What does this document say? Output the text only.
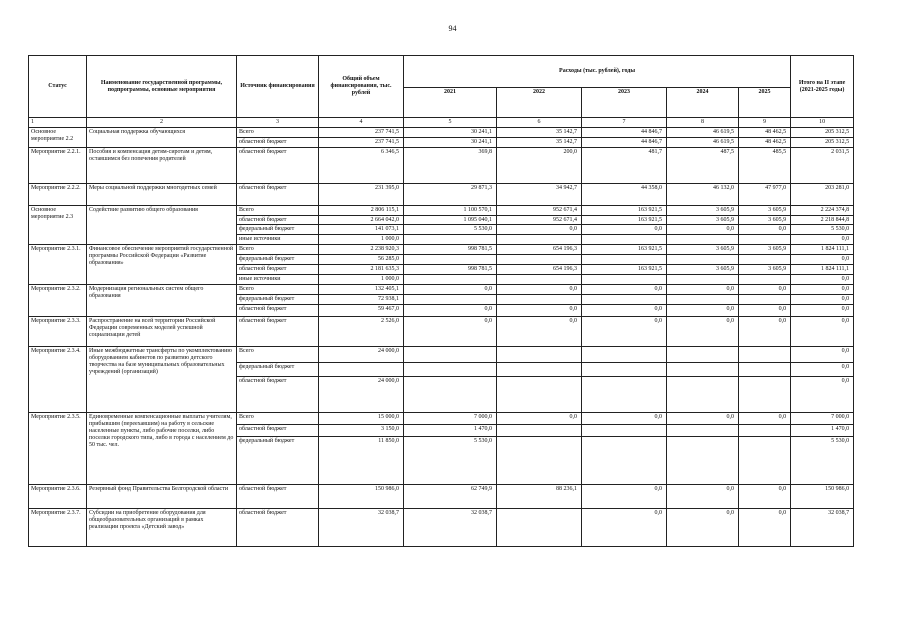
94
Статус	Наименование государственной программы, подпрограммы, основные мероприятия	Источник финансирования	Общий объем финансирования, тыс. рублей	Расходы (тыс. рублей), годы					Итого на II этапе (2021-2025 годы)
				2021	2022	2023	2024	2025	
1	2	3	4	5	6	7	8	9	10
Основное мероприятие 2.2	Социальная поддержка обучающихся	Всего	237 741,5	30 241,1	35 142,7	44 846,7	46 619,5	48 462,5	205 312,5
		областной бюджет	237 741,5	30 241,1	35 142,7	44 846,7	46 619,5	48 462,5	205 312,5
Мероприятие 2.2.1.	Пособия и компенсация детям-сиротам и детям, оставшимся без попечения родителей	областной бюджет	6 346,5	369,8	200,0	481,7	487,5	485,5	2 031,5
Мероприятие 2.2.2.	Меры социальной поддержки многодетных семей	областной бюджет	231 395,0	29 871,3	34 942,7	44 358,0	46 132,0	47 977,0	203 281,0
Основное мероприятие 2.3	Содействие развитию общего образования	Всего	2 806 115,1	1 100 570,1	952 671,4	163 921,5	3 605,9	3 605,9	2 224 374,8
		областной бюджет	2 664 042,0	1 095 040,1	952 671,4	163 921,5	3 605,9	3 605,9	2 218 844,8
		федеральный бюджет	141 073,1	5 530,0	0,0	0,0	0,0	0,0	5 530,0
		иные источники	1 000,0						0,0
Мероприятие 2.3.1.	Финансовое обеспечение мероприятий государственной программы Российской Федерации «Развитие образования»	Всего	2 238 920,3	998 781,5	654 196,3	163 921,5	3 605,9	3 605,9	1 824 111,1
		федеральный бюджет	56 285,0						0,0
		областной бюджет	2 181 635,3	998 781,5	654 196,3	163 921,5	3 605,9	3 605,9	1 824 111,1
		иные источники	1 000,0						0,0
Мероприятие 2.3.2.	Модернизация региональных систем общего образования	Всего	132 405,1	0,0	0,0	0,0	0,0	0,0	0,0
		федеральный бюджет	72 938,1						0,0
		областной бюджет	59 467,0	0,0	0,0	0,0	0,0	0,0	0,0
Мероприятие 2.3.3.	Распространение на всей территории Российской Федерации современных моделей успешной социализации детей	областной бюджет	2 526,0	0,0	0,0	0,0	0,0	0,0	0,0
Мероприятие 2.3.4.	Иные межбюджетные трансферты по укомплектованию оборудованием кабинетов по развитию детского творчества на базе муниципальных образовательных учреждений (организаций)	Всего	24 000,0						0,0
		федеральный бюджет							0,0
		областной бюджет	24 000,0						0,0
Мероприятие 2.3.5.	Единовременные компенсационные выплаты учителям, прибывшим (переехавшим) на работу в сельские населенные пункты, либо рабочие поселки, либо поселки городского типа, либо в города с населением до 50 тыс. чел.	Всего	15 000,0	7 000,0	0,0	0,0	0,0	0,0	7 000,0
		областной бюджет	3 150,0	1 470,0					1 470,0
		федеральный бюджет	11 850,0	5 530,0					5 530,0
Мероприятие 2.3.6.	Резервный фонд Правительства Белгородской области	областной бюджет	150 986,0	62 749,9	88 236,1	0,0	0,0	0,0	150 986,0
Мероприятие 2.3.7.	Субсидии на приобретение оборудования для общеобразовательных организаций в рамках реализации проекта «Детский завод»	областной бюджет	32 038,7	32 038,7		0,0	0,0	0,0	32 038,7
